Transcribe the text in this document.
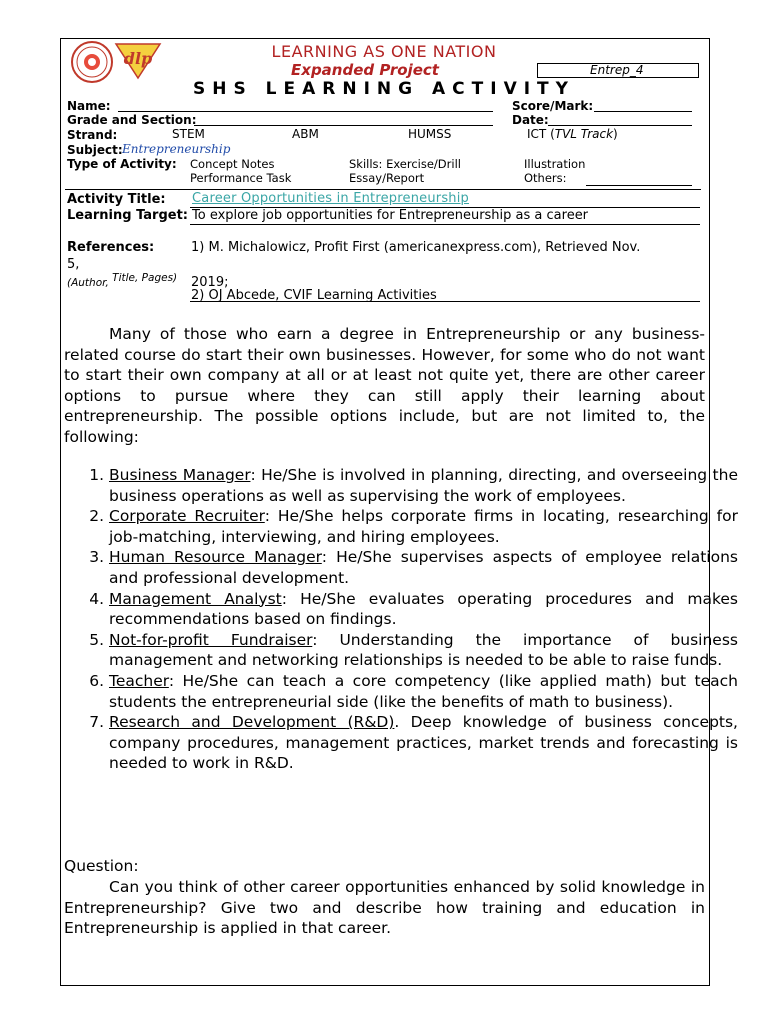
dlp	LEARNING AS ONE NATION
Expanded Project	Entrep_4
SHS LEARNING ACTIVITY
Name:	Score/Mark:
Grade and Section:	Date:
Strand:	STEM	ABM	HUMSS	ICT (TVL Track)
Subject: Entrepreneurship
Type of Activity: Concept Notes	Skills: Exercise/Drill	Illustration
Performance Task	Essay/Report	Others:
Activity Title: Career Opportunities in Entrepreneurship
Learning Target: To explore job opportunities for Entrepreneurship as a career
References:	1) M. Michalowicz, Profit First (americanexpress.com), Retrieved Nov.
5,
(Author, Title, Pages) 2019;
2) OJ Abcede, CVIF Learning Activities
Many of those who earn a degree in Entrepreneurship or any business-related course do start their own businesses. However, for some who do not want to start their own company at all or at least not quite yet, there are other career options to pursue where they can still apply their learning about entrepreneurship. The possible options include, but are not limited to, the following:
1. Business Manager: He/She is involved in planning, directing, and overseeing the business operations as well as supervising the work of employees.
2. Corporate Recruiter: He/She helps corporate firms in locating, researching for job-matching, interviewing, and hiring employees.
3. Human Resource Manager: He/She supervises aspects of employee relations and professional development.
4. Management Analyst: He/She evaluates operating procedures and makes recommendations based on findings.
5. Not-for-profit Fundraiser: Understanding the importance of business management and networking relationships is needed to be able to raise funds.
6. Teacher: He/She can teach a core competency (like applied math) but teach students the entrepreneurial side (like the benefits of math to business).
7. Research and Development (R&D). Deep knowledge of business concepts, company procedures, management practices, market trends and forecasting is needed to work in R&D.
Question:
Can you think of other career opportunities enhanced by solid knowledge in Entrepreneurship? Give two and describe how training and education in Entrepreneurship is applied in that career.
